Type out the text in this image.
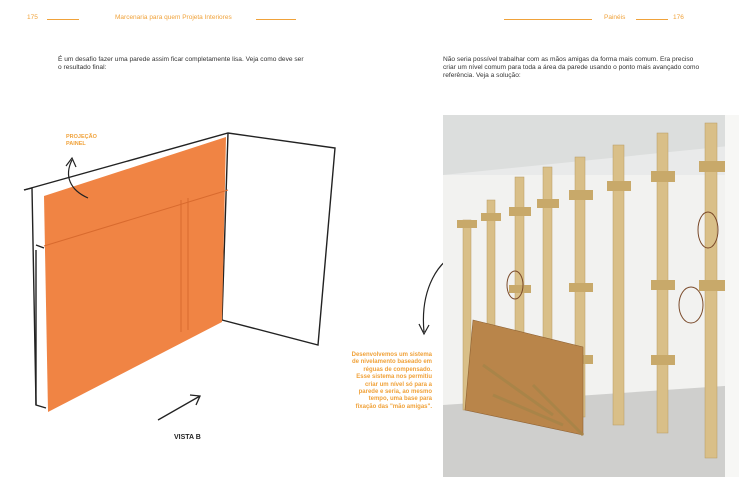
175	Marcenaria para quem Projeta Interiores
É um desafio fazer uma parede assim ficar completamente lisa. Veja como deve ser o resultado final:
PROJEÇÃO PAINEL
VISTA B
Painéis	176
Não seria possível trabalhar com as mãos amigas da forma mais comum. Era preciso criar um nível comum para toda a área da parede usando o ponto mais avançado como referência. Veja a solução:
Desenvolvemos um sistema de nivelamento baseado em réguas de compensado. Esse sistema nos permitiu criar um nível só para a parede e seria, ao mesmo tempo, uma base para fixação das "mão amigas".
